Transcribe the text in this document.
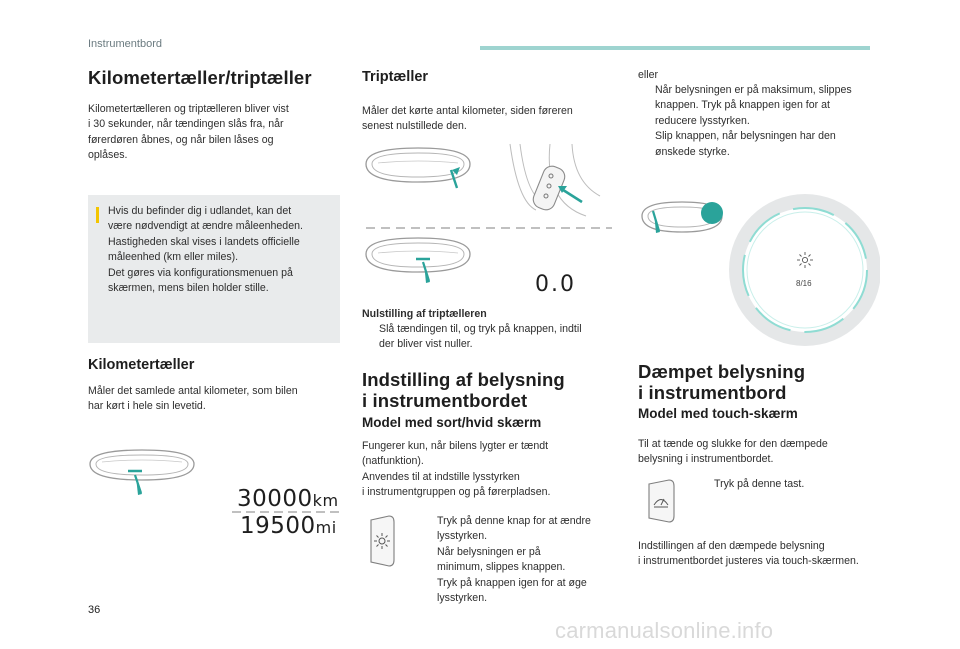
Instrumentbord
Kilometertæller/triptæller
Kilometertælleren og triptælleren bliver vist
i 30 sekunder, når tændingen slås fra, når
førerdøren åbnes, og når bilen låses og
oplåses.
Hvis du befinder dig i udlandet, kan det
være nødvendigt at ændre måleenheden.
Hastigheden skal vises i landets officielle
måleenhed (km eller miles).
Det gøres via konfigurationsmenuen på
skærmen, mens bilen holder stille.
Kilometertæller
Måler det samlede antal kilometer, som bilen
har kørt i hele sin levetid.
30000km
19500mi
Triptæller
Måler det kørte antal kilometer, siden føreren
senest nulstillede den.
0.0
Nulstilling af triptælleren
Slå tændingen til, og tryk på knappen, indtil
der bliver vist nuller.
Indstilling af belysning
i instrumentbordet
Model med sort/hvid skærm
Fungerer kun, når bilens lygter er tændt
(natfunktion).
Anvendes til at indstille lysstyrken
i instrumentgruppen og på førerpladsen.
Tryk på denne knap for at ændre
lysstyrken.
Når belysningen er på
minimum, slippes knappen.
Tryk på knappen igen for at øge
lysstyrken.
eller
Når belysningen er på maksimum, slippes
knappen. Tryk på knappen igen for at
reducere lysstyrken.
Slip knappen, når belysningen har den
ønskede styrke.
8/16
Dæmpet belysning
i instrumentbord
Model med touch-skærm
Til at tænde og slukke for den dæmpede
belysning i instrumentbordet.
Tryk på denne tast.
Indstillingen af den dæmpede belysning
i instrumentbordet justeres via touch-skærmen.
36
carmanualsonline.info
